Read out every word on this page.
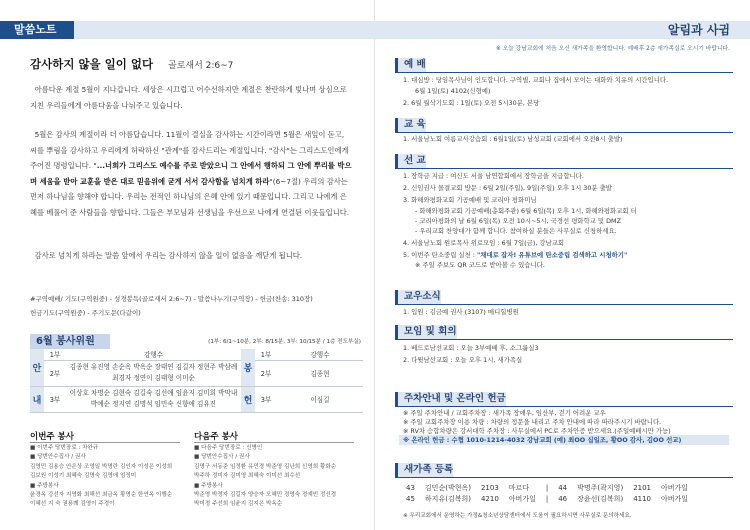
말씀노트
감사하지 않을 일이 없다 골로새서 2:6~7
아름다운 계절 5월이 지나갑니다. 세상은 시끄럽고 어수선하지만 계절은 찬란하게 빛나며 상심으로 지친 우리들에게 아름다움을 나눠주고 있습니다.
5월은 감사의 계절이라 더 아름답습니다. 11월이 결실을 감사하는 시간이라면 5월은 새잎이 돋고, 씨를 뿌림을 감사하고 우리에게 허락하신 "관계"를 감사드리는 계절입니다. "감사"는 그리스도인에게 주어진 명령입니다. "...너희가 그리스도 예수를 주로 받았으니 그 안에서 행하되 그 안에 뿌리를 박으며 세움을 받아 교훈을 받은 대로 믿음위에 굳게 서서 감사함을 넘치게 하라"(6~7절) 우리의 감사는 먼저 하나님을 향해야 합니다. 우리는 전적인 하나님의 은혜 안에 있기 때문입니다. 그리고 나에게 은혜를 베풀어 준 사람들을 향합니다. 그들은 부모님과 선생님을 우선으로 나에게 연결된 이웃들입니다.
감사로 넘치게 하라는 말씀 앞에서 우리는 감사하지 않을 일이 없음을 깨닫게 됩니다.
#구역예배/ 기도(구역원중) - 성경봉독(골로새서 2:6~7) - 말씀나누기(구역장) - 헌금(찬송: 310장)
헌금기도(구역원중) - 주기도문(다같이)
6월 봉사위원	(1부: 6/1~10분, 2부: 8/15분, 3부: 10/15분 / 1층 전도부실)
안	1부	강행수	봉	1부	강행수
	2부	김종현 유진영 손순옥 박옥순 장태연 김길자 정현주 박삼례 최경자 정연이 김태형 이미순		2부	김종현
내	3부	이상호 차명순 김현숙 김길숙 김선애 임윤지 김미희 박막내 박예순 정지연 김명석 임민숙 신향애 김유진	헌	3부	이심길
이번주 봉사
■ 이번주 당번장로 : 차완규
■ 당번안수집사 / 권사
김영민 김용승 안은상 조영일 박명란 김인자 이성은 이성희
김보원 이성기 최혜숙 김명숙 김영애 엄정미
■ 주방봉사
윤경옥 강선자 지영화 최해선 최금옥 황명순 한연옥 이행순
이혜선 지 숙 권용례 김영이 주경이
다음주 봉사
■ 다음주 당번장로 : 신병인
■ 당번안수집사 / 권사
김명구 서동준 임정환 유민경 박준영 김난희 신영희 황화순
박주하 정미자 김미영 최혜숙 이미선 최수선
■ 주방봉사
박준영 박정자 김길자 양승자 오혜민 정영숙 정예빈 정선경
박미정 주선희 임윤지 김지은 박옥순
알림과 사귐
※ 오늘 강남교회에 처음 오신 새가족을 환영합니다. 예배후 2층 새가족실로 오시기 바랍니다.
예 배
1. 대심방 : 당임목사님이 인도합니다. 구역별, 교회나 집에서 모이는 대화와 치유의 시간입니다.
6월 1일(토) 4102(신형예)
2. 6월 월삭기도회 : 1일(토) 오전 5시30분, 본당
교 육
1. 서울남노회 여름교사강습회 : 6월1일(토) 남성교회 (교회에서 오전8시 출발)
선 교
1. 장학금 지급 : 여신도 서울 남연합회에서 장학금을 지급합니다.
2. 신임권사 몰결교회 방문 : 6월 2일(주일), 9일(주일) 오후 1시 30분 출발
3. 화해와평화교회 기공예배 및 코리아 평화미님
- 화해와평화교회 기공예배(총회주관) 6월 6일(목) 오후 1시, 화해와평화교회 터
- 코리아평화의 날 6월 6일(목) 오전 10시~5시, 국경선 평화학교 및 DMZ
- 우리교회 찬양대가 함께 합니다. 참여하실 분들은 사무실로 신청하세요.
4. 서울남노회 원로목사 위로모임 : 6월 7일(금), 강남교회
5. 이번주 탄소중립 실천 : "채대로 잡자! 유튜브에 탄소중립 검색하고 시청하기"
※ 주일 주보도 QR 코드로 받아볼 수 있습니다.
교우소식
1. 입원 : 김금예 권사 (3107) 메디힐병원
모임 및 회의
1. 베드로남선교회 : 오늘 3부예배 후, 소그룹실3
2. 다윗남선교회 : 오늘 오후 1시, 새가족실
주차안내 및 온라인 헌금
※ 주일 주차안내 / 교회주차장 : 새가족 장애우, 임산부, 걷기 어려운 교우
※ 주일 교회주차장 이용 차량 : 차량의 정문을 내리고 주차 안내에 따라 따라주시기 바랍니다.
※ RV차 승합차량은 강서대학 주차장 : 사무실에서 PC로 주차안증 받으세요.(주일예배시만 가능)
※ 온라인 헌금 : 수협 1010-1214-4032 강남교회 (예) 최OO 십일조, 황OO 감사, 김OO 선교)
새가족 등록
43	김민순(박현옥)	2103	마르다	|	44	박명주(곽지영)	2101	아버가일
45	하지유(김복희)	4210	아버가일	|	46	장윤선(김복희)	4110	아버가일
※ 우리교회에서 운영하는 가정&청소년상담센터에서 도움이 필요하시면 사무실로 문의하세요.
